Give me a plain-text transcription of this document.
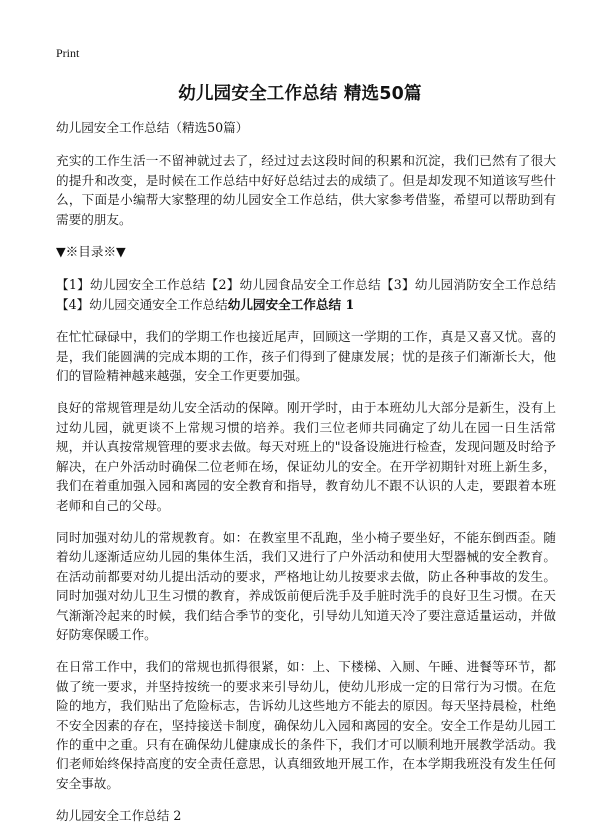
Print
幼儿园安全工作总结 精选50篇

幼儿园安全工作总结（精选50篇）

充实的工作生活一不留神就过去了，经过过去这段时间的积累和沉淀，我们已然有了很大的提升和改变，是时候在工作总结中好好总结过去的成绩了。但是却发现不知道该写些什么，下面是小编帮大家整理的幼儿园安全工作总结，供大家参考借鉴，希望可以帮助到有需要的朋友。

▼※目录※▼

【1】幼儿园安全工作总结【2】幼儿园食品安全工作总结【3】幼儿园消防安全工作总结【4】幼儿园交通安全工作总结幼儿园安全工作总结 1

在忙忙碌碌中，我们的学期工作也接近尾声，回顾这一学期的工作，真是又喜又忧。喜的是，我们能圆满的完成本期的工作，孩子们得到了健康发展；忧的是孩子们渐渐长大，他们的冒险精神越来越强，安全工作更要加强。

良好的常规管理是幼儿安全活动的保障。刚开学时，由于本班幼儿大部分是新生，没有上过幼儿园，就更谈不上常规习惯的培养。我们三位老师共同确定了幼儿在园一日生活常规，并认真按常规管理的要求去做。每天对班上的"设备设施进行检查，发现问题及时给予解决，在户外活动时确保二位老师在场，保证幼儿的安全。在开学初期针对班上新生多，我们在着重加强入园和离园的安全教育和指导，教育幼儿不跟不认识的人走，要跟着本班老师和自己的父母。

同时加强对幼儿的常规教育。如：在教室里不乱跑，坐小椅子要坐好，不能东倒西歪。随着幼儿逐渐适应幼儿园的集体生活，我们又进行了户外活动和使用大型器械的安全教育。在活动前都要对幼儿提出活动的要求，严格地让幼儿按要求去做，防止各种事故的发生。同时加强对幼儿卫生习惯的教育，养成饭前便后洗手及手脏时洗手的良好卫生习惯。在天气渐渐冷起来的时候，我们结合季节的变化，引导幼儿知道天冷了要注意适量运动，并做好防寒保暖工作。

在日常工作中，我们的常规也抓得很紧，如：上、下楼梯、入厕、午睡、进餐等环节，都做了统一要求，并坚持按统一的要求来引导幼儿，使幼儿形成一定的日常行为习惯。在危险的地方，我们贴出了危险标志，告诉幼儿这些地方不能去的原因。每天坚持晨检，杜绝不安全因素的存在，坚持接送卡制度，确保幼儿入园和离园的安全。安全工作是幼儿园工作的重中之重。只有在确保幼儿健康成长的条件下，我们才可以顺利地开展教学活动。我们老师始终保持高度的安全责任意思，认真细致地开展工作，在本学期我班没有发生任何安全事故。

幼儿园安全工作总结 2
